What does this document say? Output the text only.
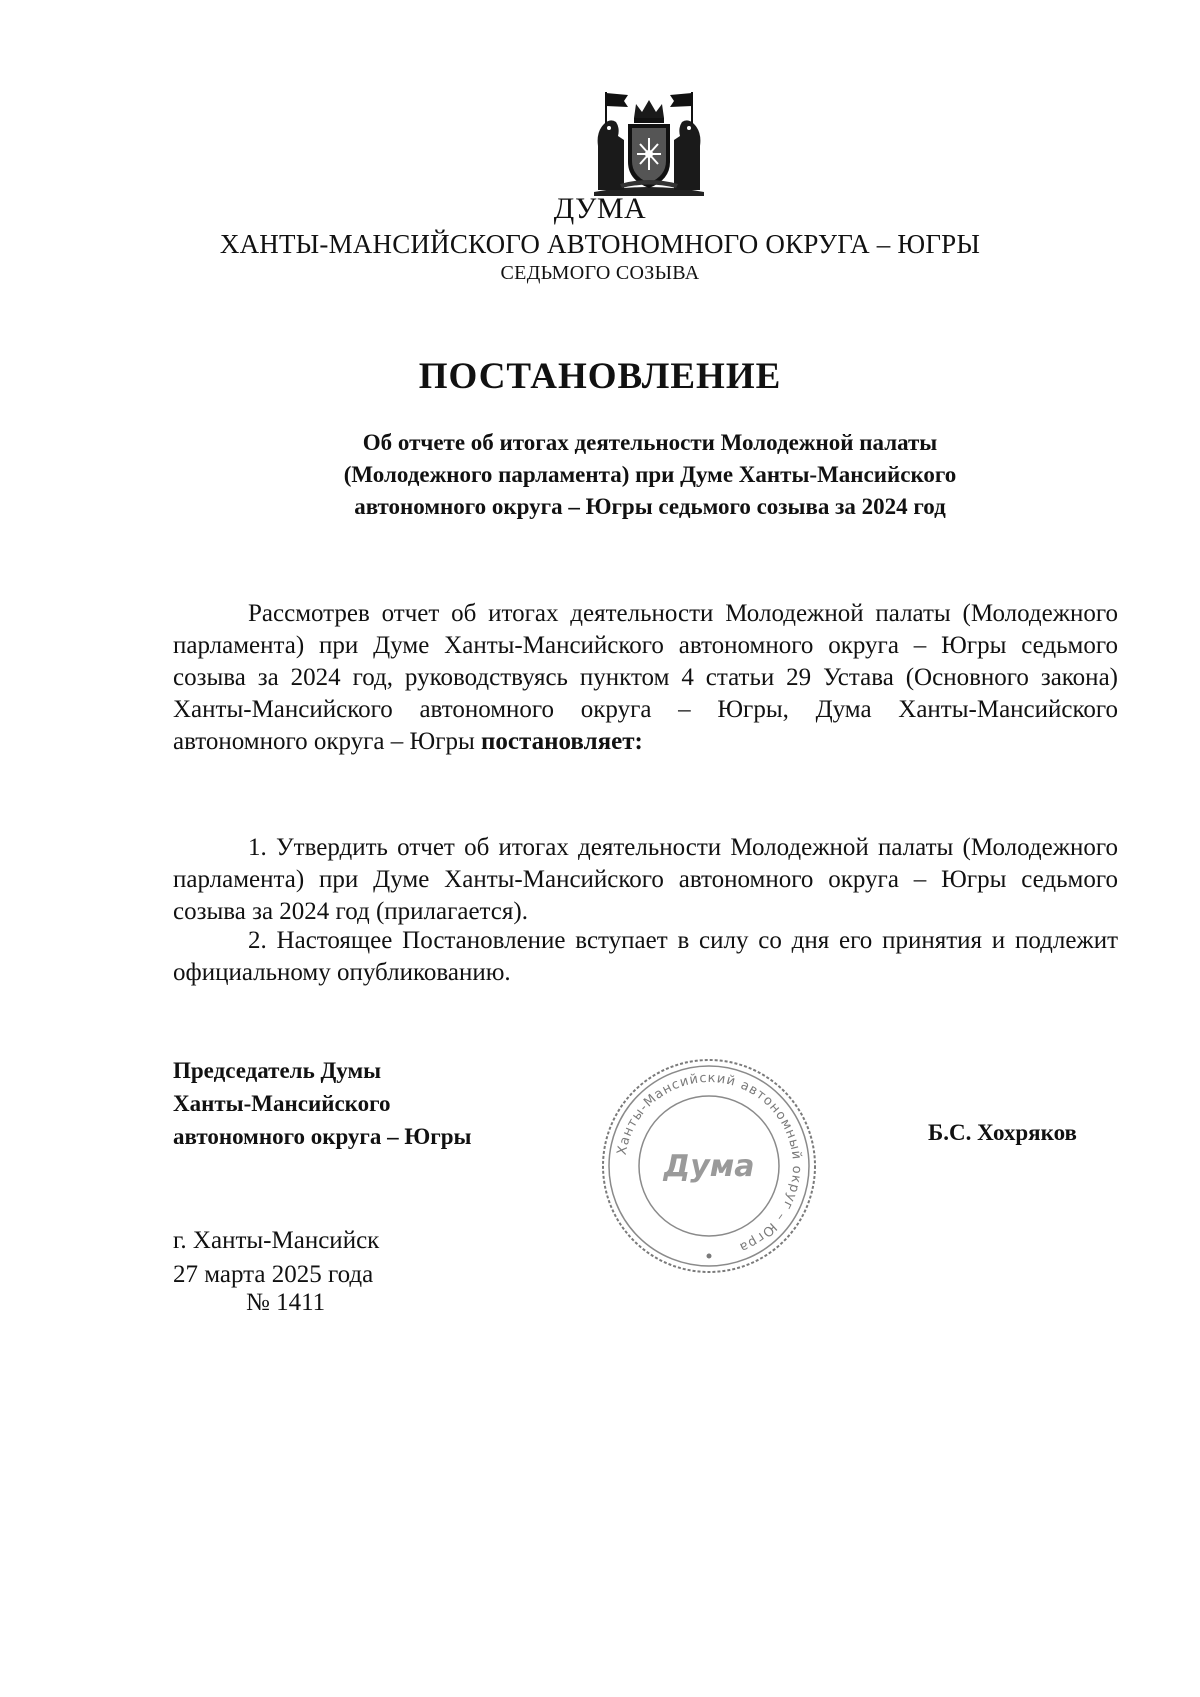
ДУМА
ХАНТЫ-МАНСИЙСКОГО АВТОНОМНОГО ОКРУГА – ЮГРЫ
СЕДЬМОГО СОЗЫВА
ПОСТАНОВЛЕНИЕ
Об отчете об итогах деятельности Молодежной палаты
(Молодежного парламента) при Думе Ханты-Мансийского
автономного округа – Югры седьмого созыва за 2024 год
Рассмотрев отчет об итогах деятельности Молодежной палаты (Молодежного парламента) при Думе Ханты-Мансийского автономного округа – Югры седьмого созыва за 2024 год, руководствуясь пунктом 4 статьи 29 Устава (Основного закона) Ханты-Мансийского автономного округа – Югры, Дума Ханты-Мансийского автономного округа – Югры постановляет:
1. Утвердить отчет об итогах деятельности Молодежной палаты (Молодежного парламента) при Думе Ханты-Мансийского автономного округа – Югры седьмого созыва за 2024 год (прилагается).
2. Настоящее Постановление вступает в силу со дня его принятия и подлежит официальному опубликованию.
Председатель Думы
Ханты-Мансийского
автономного округа – Югры
Ханты-Мансийский автономный округ – Югра
Дума
Б.С. Хохряков
г. Ханты-Мансийск
27 марта 2025 года
№ 1411
